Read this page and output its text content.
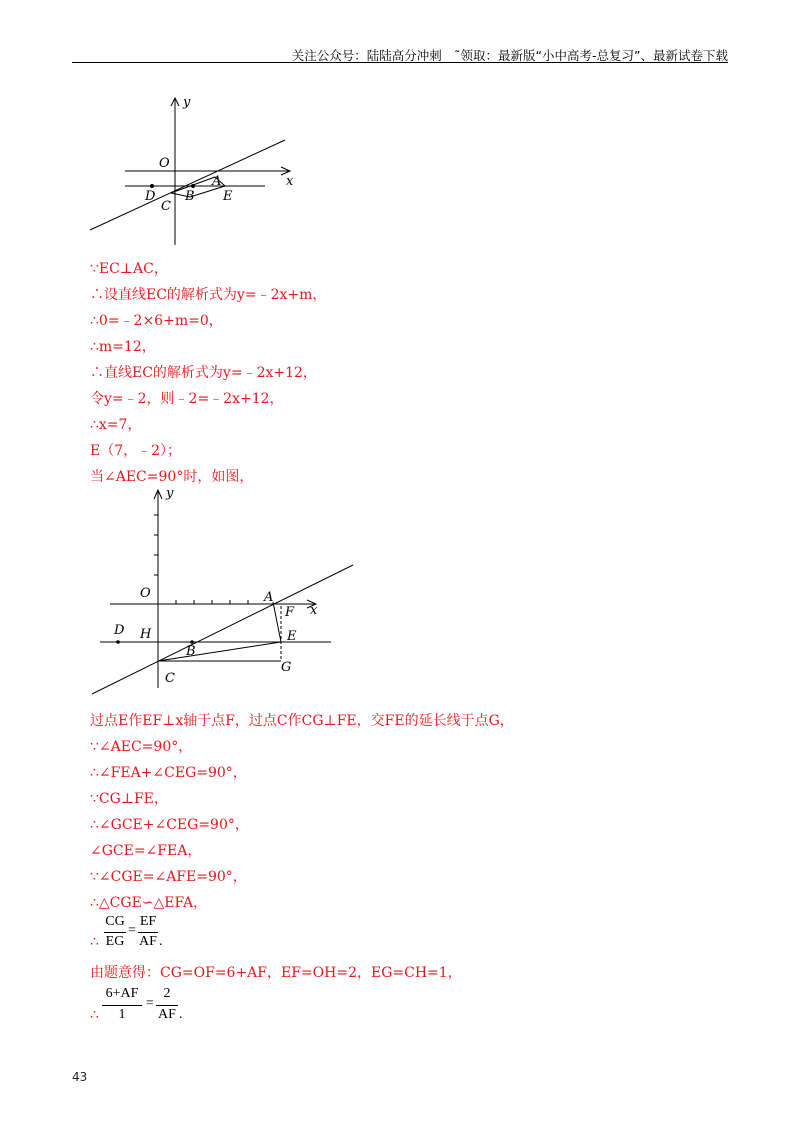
关注公众号：陆陆高分冲刺　˜领取：最新版“小中高考-总复习”、最新试卷下载
y
x
O
D B
A
E
C
∵EC⊥AC，
∴设直线EC的解析式为y=﹣2x+m，
∴0=﹣2×6+m=0，
∴m=12，
∴直线EC的解析式为y=﹣2x+12，
令y=﹣2，则﹣2=﹣2x+12，
∴x=7，
E（7，﹣2）；
当∠AEC=90°时，如图，
y
x
O	A
F
D H	E
B
G
C
过点E作EF⊥x轴于点F，过点C作CG⊥FE，交FE的延长线于点G，
∵∠AEC=90°，
∴∠FEA+∠CEG=90°，
∵CG⊥FE，
∴∠GCE+∠CEG=90°，
∠GCE=∠FEA，
∵∠CGE=∠AFE=90°，
∴△CGE∽△EFA，
∴
CG
EG
=
EF
AF .
由题意得：CG=OF=6+AF，EF=OH=2，EG=CH=1，
∴
6+AF
1
=
2
AF .
43
